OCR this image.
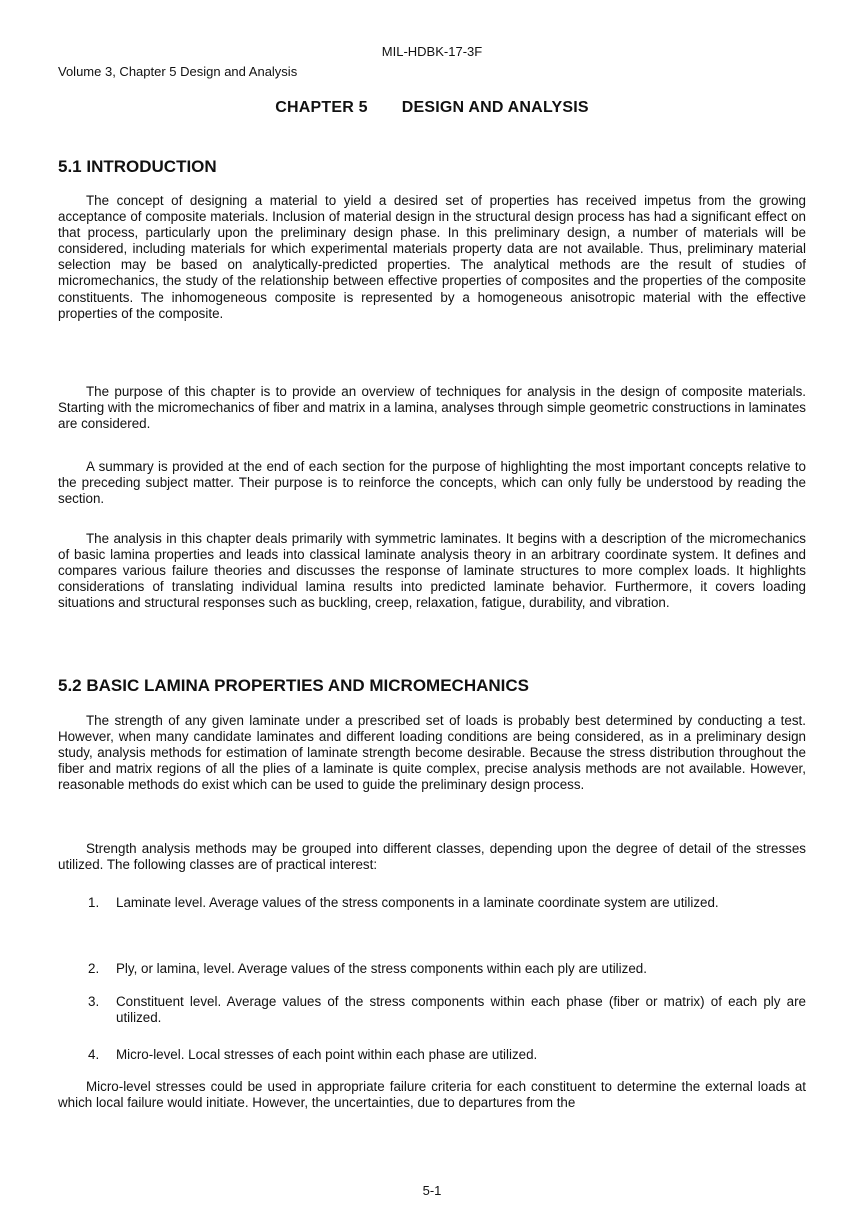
MIL-HDBK-17-3F
Volume 3, Chapter 5 Design and Analysis
CHAPTER 5 DESIGN AND ANALYSIS
5.1 INTRODUCTION

The concept of designing a material to yield a desired set of properties has received impetus from the growing acceptance of composite materials. Inclusion of material design in the structural design process has had a significant effect on that process, particularly upon the preliminary design phase. In this preliminary design, a number of materials will be considered, including materials for which experimental materials property data are not available. Thus, preliminary material selection may be based on analytically-predicted properties. The analytical methods are the result of studies of micromechanics, the study of the relationship between effective properties of composites and the properties of the composite constituents. The inhomogeneous composite is represented by a homogeneous anisotropic material with the effective properties of the composite.

The purpose of this chapter is to provide an overview of techniques for analysis in the design of composite materials. Starting with the micromechanics of fiber and matrix in a lamina, analyses through simple geometric constructions in laminates are considered.

A summary is provided at the end of each section for the purpose of highlighting the most important concepts relative to the preceding subject matter. Their purpose is to reinforce the concepts, which can only fully be understood by reading the section.

The analysis in this chapter deals primarily with symmetric laminates. It begins with a description of the micromechanics of basic lamina properties and leads into classical laminate analysis theory in an arbitrary coordinate system. It defines and compares various failure theories and discusses the response of laminate structures to more complex loads. It highlights considerations of translating individual lamina results into predicted laminate behavior. Furthermore, it covers loading situations and structural responses such as buckling, creep, relaxation, fatigue, durability, and vibration.

5.2 BASIC LAMINA PROPERTIES AND MICROMECHANICS

The strength of any given laminate under a prescribed set of loads is probably best determined by conducting a test. However, when many candidate laminates and different loading conditions are being considered, as in a preliminary design study, analysis methods for estimation of laminate strength become desirable. Because the stress distribution throughout the fiber and matrix regions of all the plies of a laminate is quite complex, precise analysis methods are not available. However, reasonable methods do exist which can be used to guide the preliminary design process.

Strength analysis methods may be grouped into different classes, depending upon the degree of detail of the stresses utilized. The following classes are of practical interest:

1. Laminate level. Average values of the stress components in a laminate coordinate system are utilized.
2. Ply, or lamina, level. Average values of the stress components within each ply are utilized.
3. Constituent level. Average values of the stress components within each phase (fiber or matrix) of each ply are utilized.
4. Micro-level. Local stresses of each point within each phase are utilized.

Micro-level stresses could be used in appropriate failure criteria for each constituent to determine the external loads at which local failure would initiate. However, the uncertainties, due to departures from the

5-1
